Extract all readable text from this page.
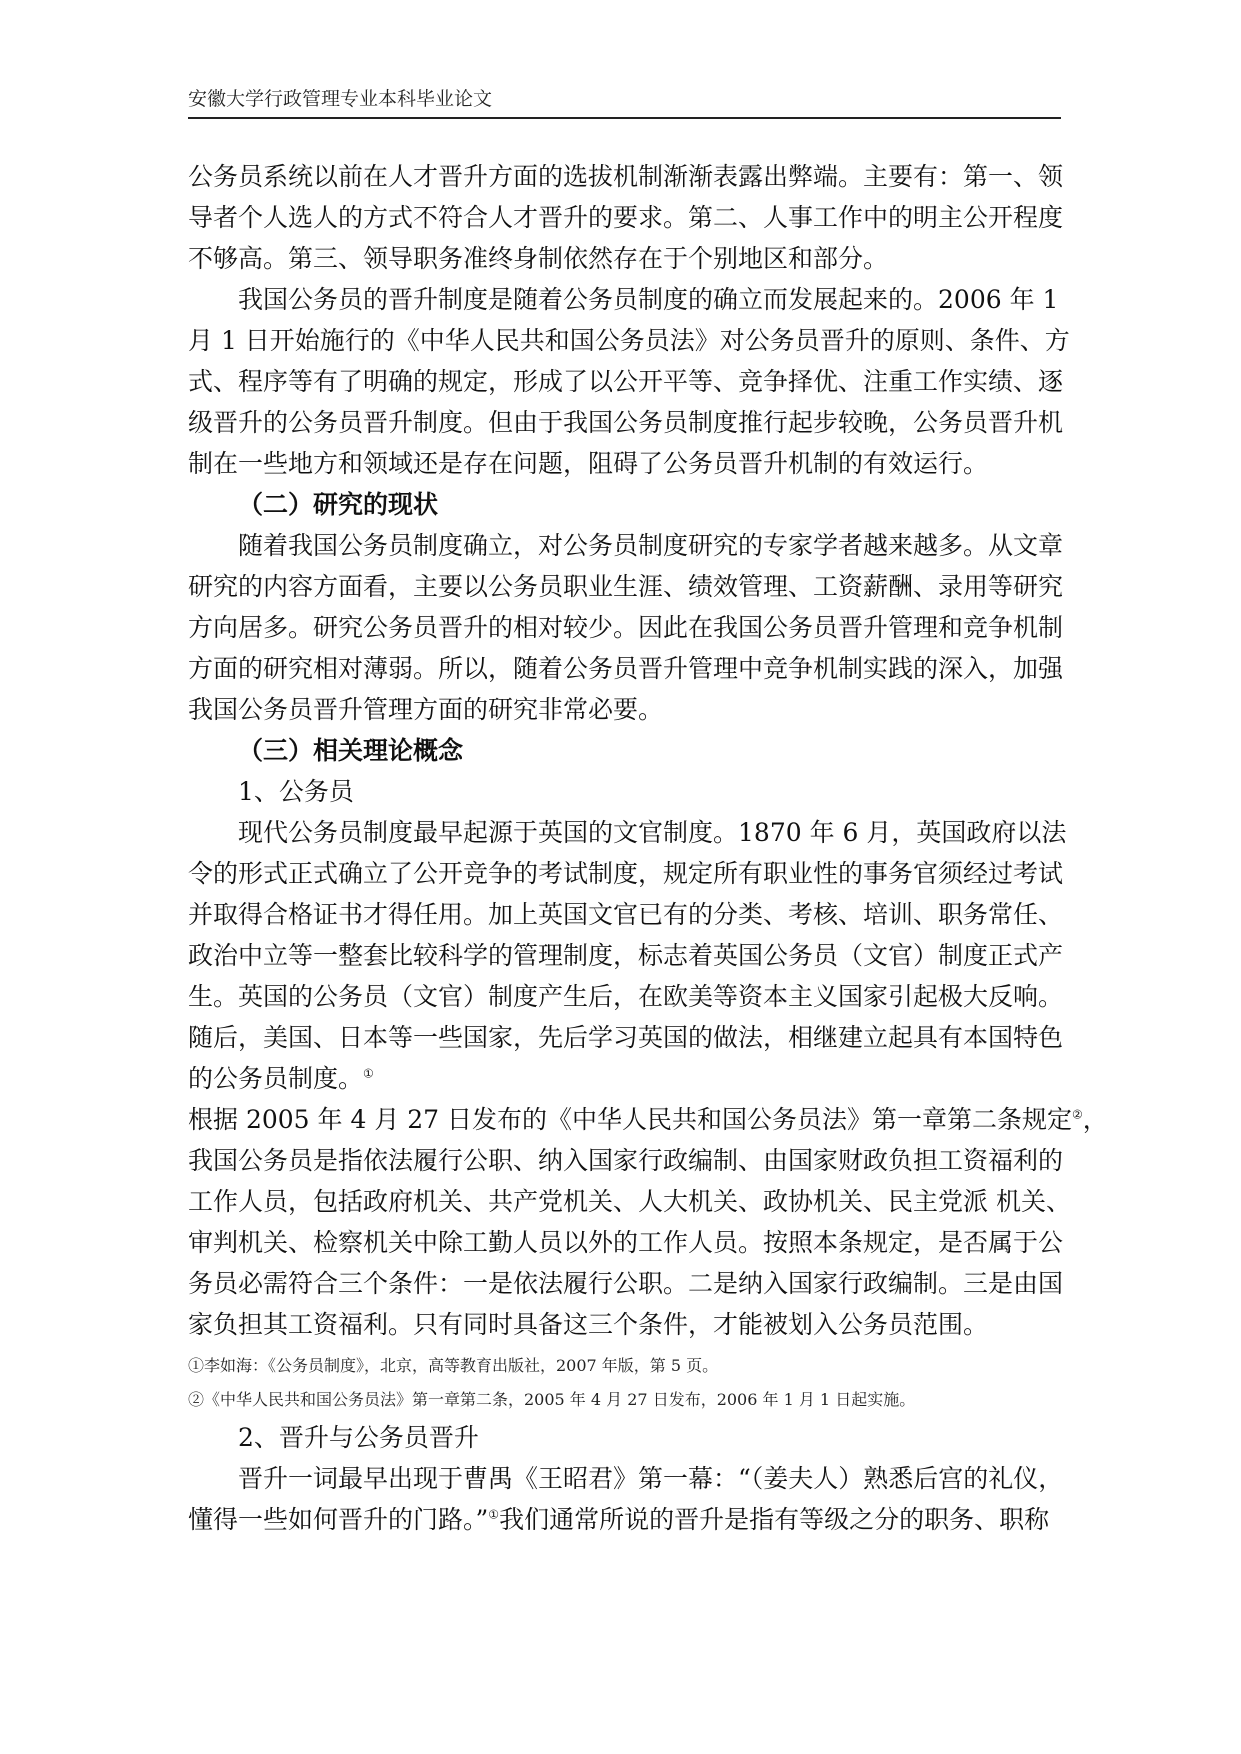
安徽大学行政管理专业本科毕业论文
公务员系统以前在人才晋升方面的选拔机制渐渐表露出弊端。主要有：第一、领
导者个人选人的方式不符合人才晋升的要求。第二、人事工作中的明主公开程度
不够高。第三、领导职务准终身制依然存在于个别地区和部分。
我国公务员的晋升制度是随着公务员制度的确立而发展起来的。2006 年 1
月 1 日开始施行的《中华人民共和国公务员法》对公务员晋升的原则、条件、方
式、程序等有了明确的规定，形成了以公开平等、竞争择优、注重工作实绩、逐
级晋升的公务员晋升制度。但由于我国公务员制度推行起步较晚，公务员晋升机
制在一些地方和领域还是存在问题，阻碍了公务员晋升机制的有效运行。
（二）研究的现状
随着我国公务员制度确立，对公务员制度研究的专家学者越来越多。从文章
研究的内容方面看，主要以公务员职业生涯、绩效管理、工资薪酬、录用等研究
方向居多。研究公务员晋升的相对较少。因此在我国公务员晋升管理和竞争机制
方面的研究相对薄弱。所以，随着公务员晋升管理中竞争机制实践的深入，加强
我国公务员晋升管理方面的研究非常必要。
（三）相关理论概念
1、公务员
现代公务员制度最早起源于英国的文官制度。1870 年 6 月，英国政府以法
令的形式正式确立了公开竞争的考试制度，规定所有职业性的事务官须经过考试
并取得合格证书才得任用。加上英国文官已有的分类、考核、培训、职务常任、
政治中立等一整套比较科学的管理制度，标志着英国公务员（文官）制度正式产
生。英国的公务员（文官）制度产生后，在欧美等资本主义国家引起极大反响。
随后，美国、日本等一些国家，先后学习英国的做法，相继建立起具有本国特色
的公务员制度。①
根据 2005 年 4 月 27 日发布的《中华人民共和国公务员法》第一章第二条规定②，
我国公务员是指依法履行公职、纳入国家行政编制、由国家财政负担工资福利的
工作人员，包括政府机关、共产党机关、人大机关、政协机关、民主党派 机关、
审判机关、检察机关中除工勤人员以外的工作人员。按照本条规定，是否属于公
务员必需符合三个条件：一是依法履行公职。二是纳入国家行政编制。三是由国
家负担其工资福利。只有同时具备这三个条件，才能被划入公务员范围。
①李如海：《公务员制度》，北京，高等教育出版社，2007 年版，第 5 页。
②《中华人民共和国公务员法》第一章第二条，2005 年 4 月 27 日发布，2006 年 1 月 1 日起实施。
2、晋升与公务员晋升
晋升一词最早出现于曹禺《王昭君》第一幕：“（姜夫人）熟悉后宫的礼仪，
懂得一些如何晋升的门路。”①我们通常所说的晋升是指有等级之分的职务、职称
